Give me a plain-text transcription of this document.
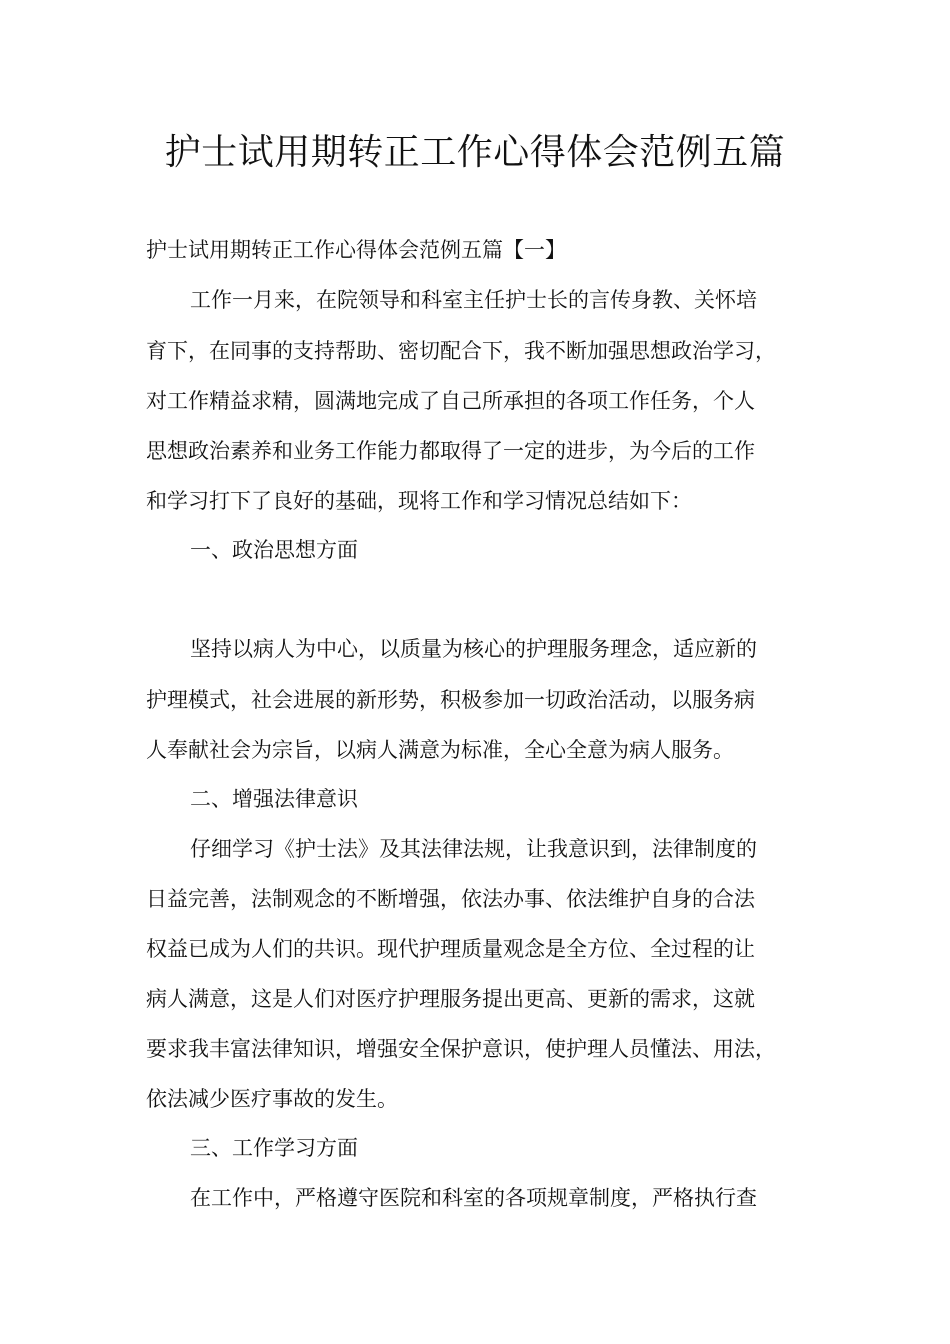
护士试用期转正工作心得体会范例五篇
护士试用期转正工作心得体会范例五篇【一】
工作一月来，在院领导和科室主任护士长的言传身教、关怀培
育下，在同事的支持帮助、密切配合下，我不断加强思想政治学习，
对工作精益求精，圆满地完成了自己所承担的各项工作任务，个人
思想政治素养和业务工作能力都取得了一定的进步，为今后的工作
和学习打下了良好的基础，现将工作和学习情况总结如下：
一、政治思想方面
坚持以病人为中心，以质量为核心的护理服务理念，适应新的
护理模式，社会进展的新形势，积极参加一切政治活动，以服务病
人奉献社会为宗旨，以病人满意为标准，全心全意为病人服务。
二、增强法律意识
仔细学习《护士法》及其法律法规，让我意识到，法律制度的
日益完善，法制观念的不断增强，依法办事、依法维护自身的合法
权益已成为人们的共识。现代护理质量观念是全方位、全过程的让
病人满意，这是人们对医疗护理服务提出更高、更新的需求，这就
要求我丰富法律知识，增强安全保护意识，使护理人员懂法、用法，
依法减少医疗事故的发生。
三、工作学习方面
在工作中，严格遵守医院和科室的各项规章制度，严格执行查
